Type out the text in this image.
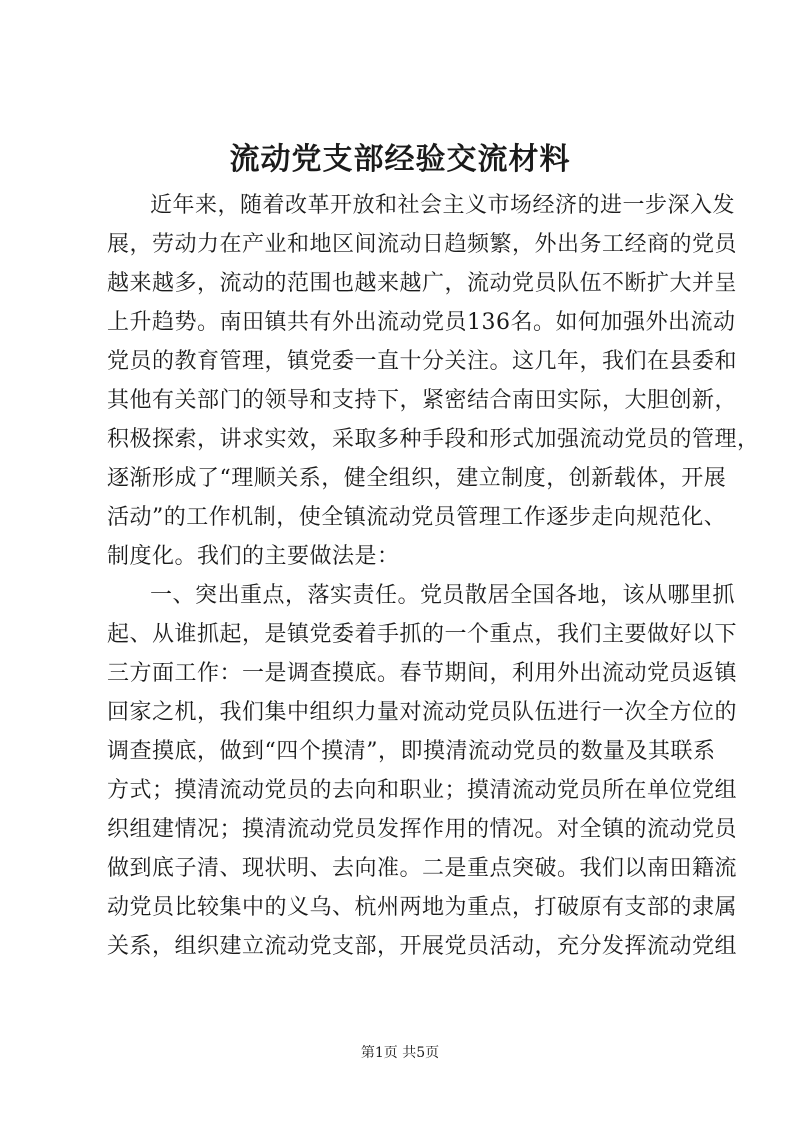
流动党支部经验交流材料
近年来，随着改革开放和社会主义市场经济的进一步深入发
展，劳动力在产业和地区间流动日趋频繁，外出务工经商的党员
越来越多，流动的范围也越来越广，流动党员队伍不断扩大并呈
上升趋势。南田镇共有外出流动党员136名。如何加强外出流动
党员的教育管理，镇党委一直十分关注。这几年，我们在县委和
其他有关部门的领导和支持下，紧密结合南田实际，大胆创新，
积极探索，讲求实效，采取多种手段和形式加强流动党员的管理，
逐渐形成了“理顺关系，健全组织，建立制度，创新载体，开展
活动”的工作机制，使全镇流动党员管理工作逐步走向规范化、
制度化。我们的主要做法是：
一、突出重点，落实责任。党员散居全国各地，该从哪里抓
起、从谁抓起，是镇党委着手抓的一个重点，我们主要做好以下
三方面工作：一是调查摸底。春节期间，利用外出流动党员返镇
回家之机，我们集中组织力量对流动党员队伍进行一次全方位的
调查摸底，做到“四个摸清”，即摸清流动党员的数量及其联系
方式；摸清流动党员的去向和职业；摸清流动党员所在单位党组
织组建情况；摸清流动党员发挥作用的情况。对全镇的流动党员
做到底子清、现状明、去向准。二是重点突破。我们以南田籍流
动党员比较集中的义乌、杭州两地为重点，打破原有支部的隶属
关系，组织建立流动党支部，开展党员活动，充分发挥流动党组
第1页 共5页
